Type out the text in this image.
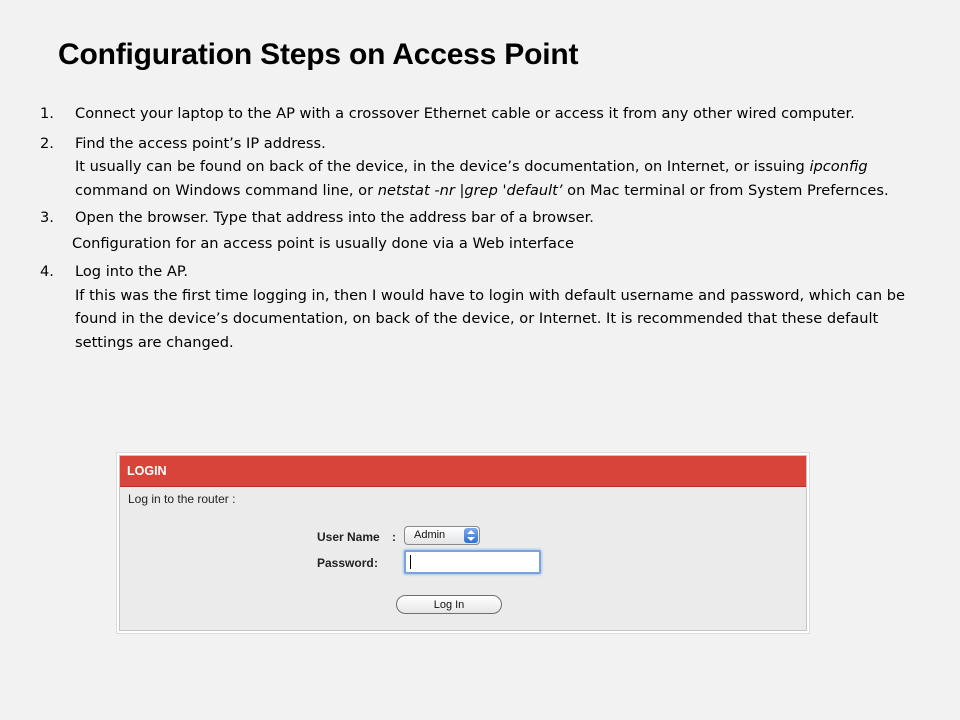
Configuration Steps on Access Point
1. Connect your laptop to the AP with a crossover Ethernet cable or access it from any other wired computer.

2. Find the access point’s IP address.

It usually can be found on back of the device, in the device’s documentation, on Internet, or issuing ipconfig command on Windows command line, or netstat -nr |grep 'default’ on Mac terminal or from System Prefernces.

3. Open the browser. Type that address into the address bar of a browser.

Configuration for an access point is usually done via a Web interface

4. Log into the AP.

If this was the first time logging in, then I would have to login with default username and password, which can be found in the device’s documentation, on back of the device, or Internet. It is recommended that these default settings are changed.

LOGIN
Log in to the router :
User Name :	Admin
Password :
Log In
